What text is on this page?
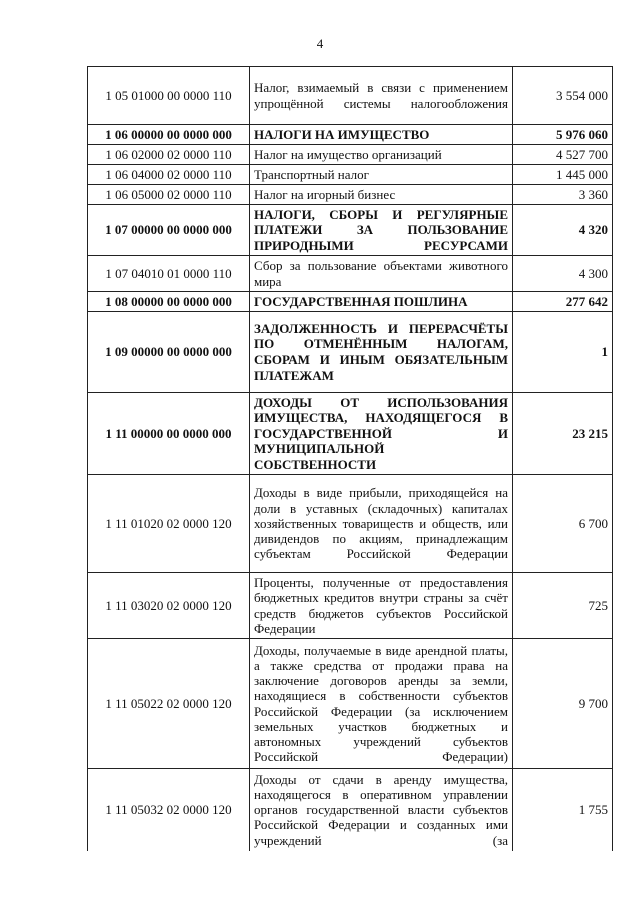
4
1 05 01000 00 0000 110	Налог, взимаемый в связи с применением упрощённой системы налогообложения	3 554 000
1 06 00000 00 0000 000	НАЛОГИ НА ИМУЩЕСТВО	5 976 060
1 06 02000 02 0000 110	Налог на имущество организаций	4 527 700
1 06 04000 02 0000 110	Транспортный налог	1 445 000
1 06 05000 02 0000 110	Налог на игорный бизнес	3 360
1 07 00000 00 0000 000	НАЛОГИ, СБОРЫ И РЕГУЛЯРНЫЕ ПЛАТЕЖИ ЗА ПОЛЬЗОВАНИЕ ПРИРОДНЫМИ РЕСУРСАМИ	4 320
1 07 04010 01 0000 110	Сбор за пользование объектами животного мира	4 300
1 08 00000 00 0000 000	ГОСУДАРСТВЕННАЯ ПОШЛИНА	277 642
1 09 00000 00 0000 000	ЗАДОЛЖЕННОСТЬ И ПЕРЕРАСЧЁТЫ ПО ОТМЕНЁННЫМ НАЛОГАМ, СБОРАМ И ИНЫМ ОБЯЗАТЕЛЬНЫМ ПЛАТЕЖАМ	1
1 11 00000 00 0000 000	ДОХОДЫ ОТ ИСПОЛЬЗОВАНИЯ ИМУЩЕСТВА, НАХОДЯЩЕГОСЯ В ГОСУДАРСТВЕННОЙ И МУНИЦИПАЛЬНОЙ СОБСТВЕННОСТИ	23 215
1 11 01020 02 0000 120	Доходы в виде прибыли, приходящейся на доли в уставных (складочных) капиталах хозяйственных товариществ и обществ, или дивидендов по акциям, принадлежащим субъектам Российской Федерации	6 700
1 11 03020 02 0000 120	Проценты, полученные от предоставления бюджетных кредитов внутри страны за счёт средств бюджетов субъектов Российской Федерации	725
1 11 05022 02 0000 120	Доходы, получаемые в виде арендной платы, а также средства от продажи права на заключение договоров аренды за земли, находящиеся в собственности субъектов Российской Федерации (за исключением земельных участков бюджетных и автономных учреждений субъектов Российской Федерации)	9 700
1 11 05032 02 0000 120	Доходы от сдачи в аренду имущества, находящегося в оперативном управлении органов государственной власти субъектов Российской Федерации и созданных ими учреждений (за	1 755
